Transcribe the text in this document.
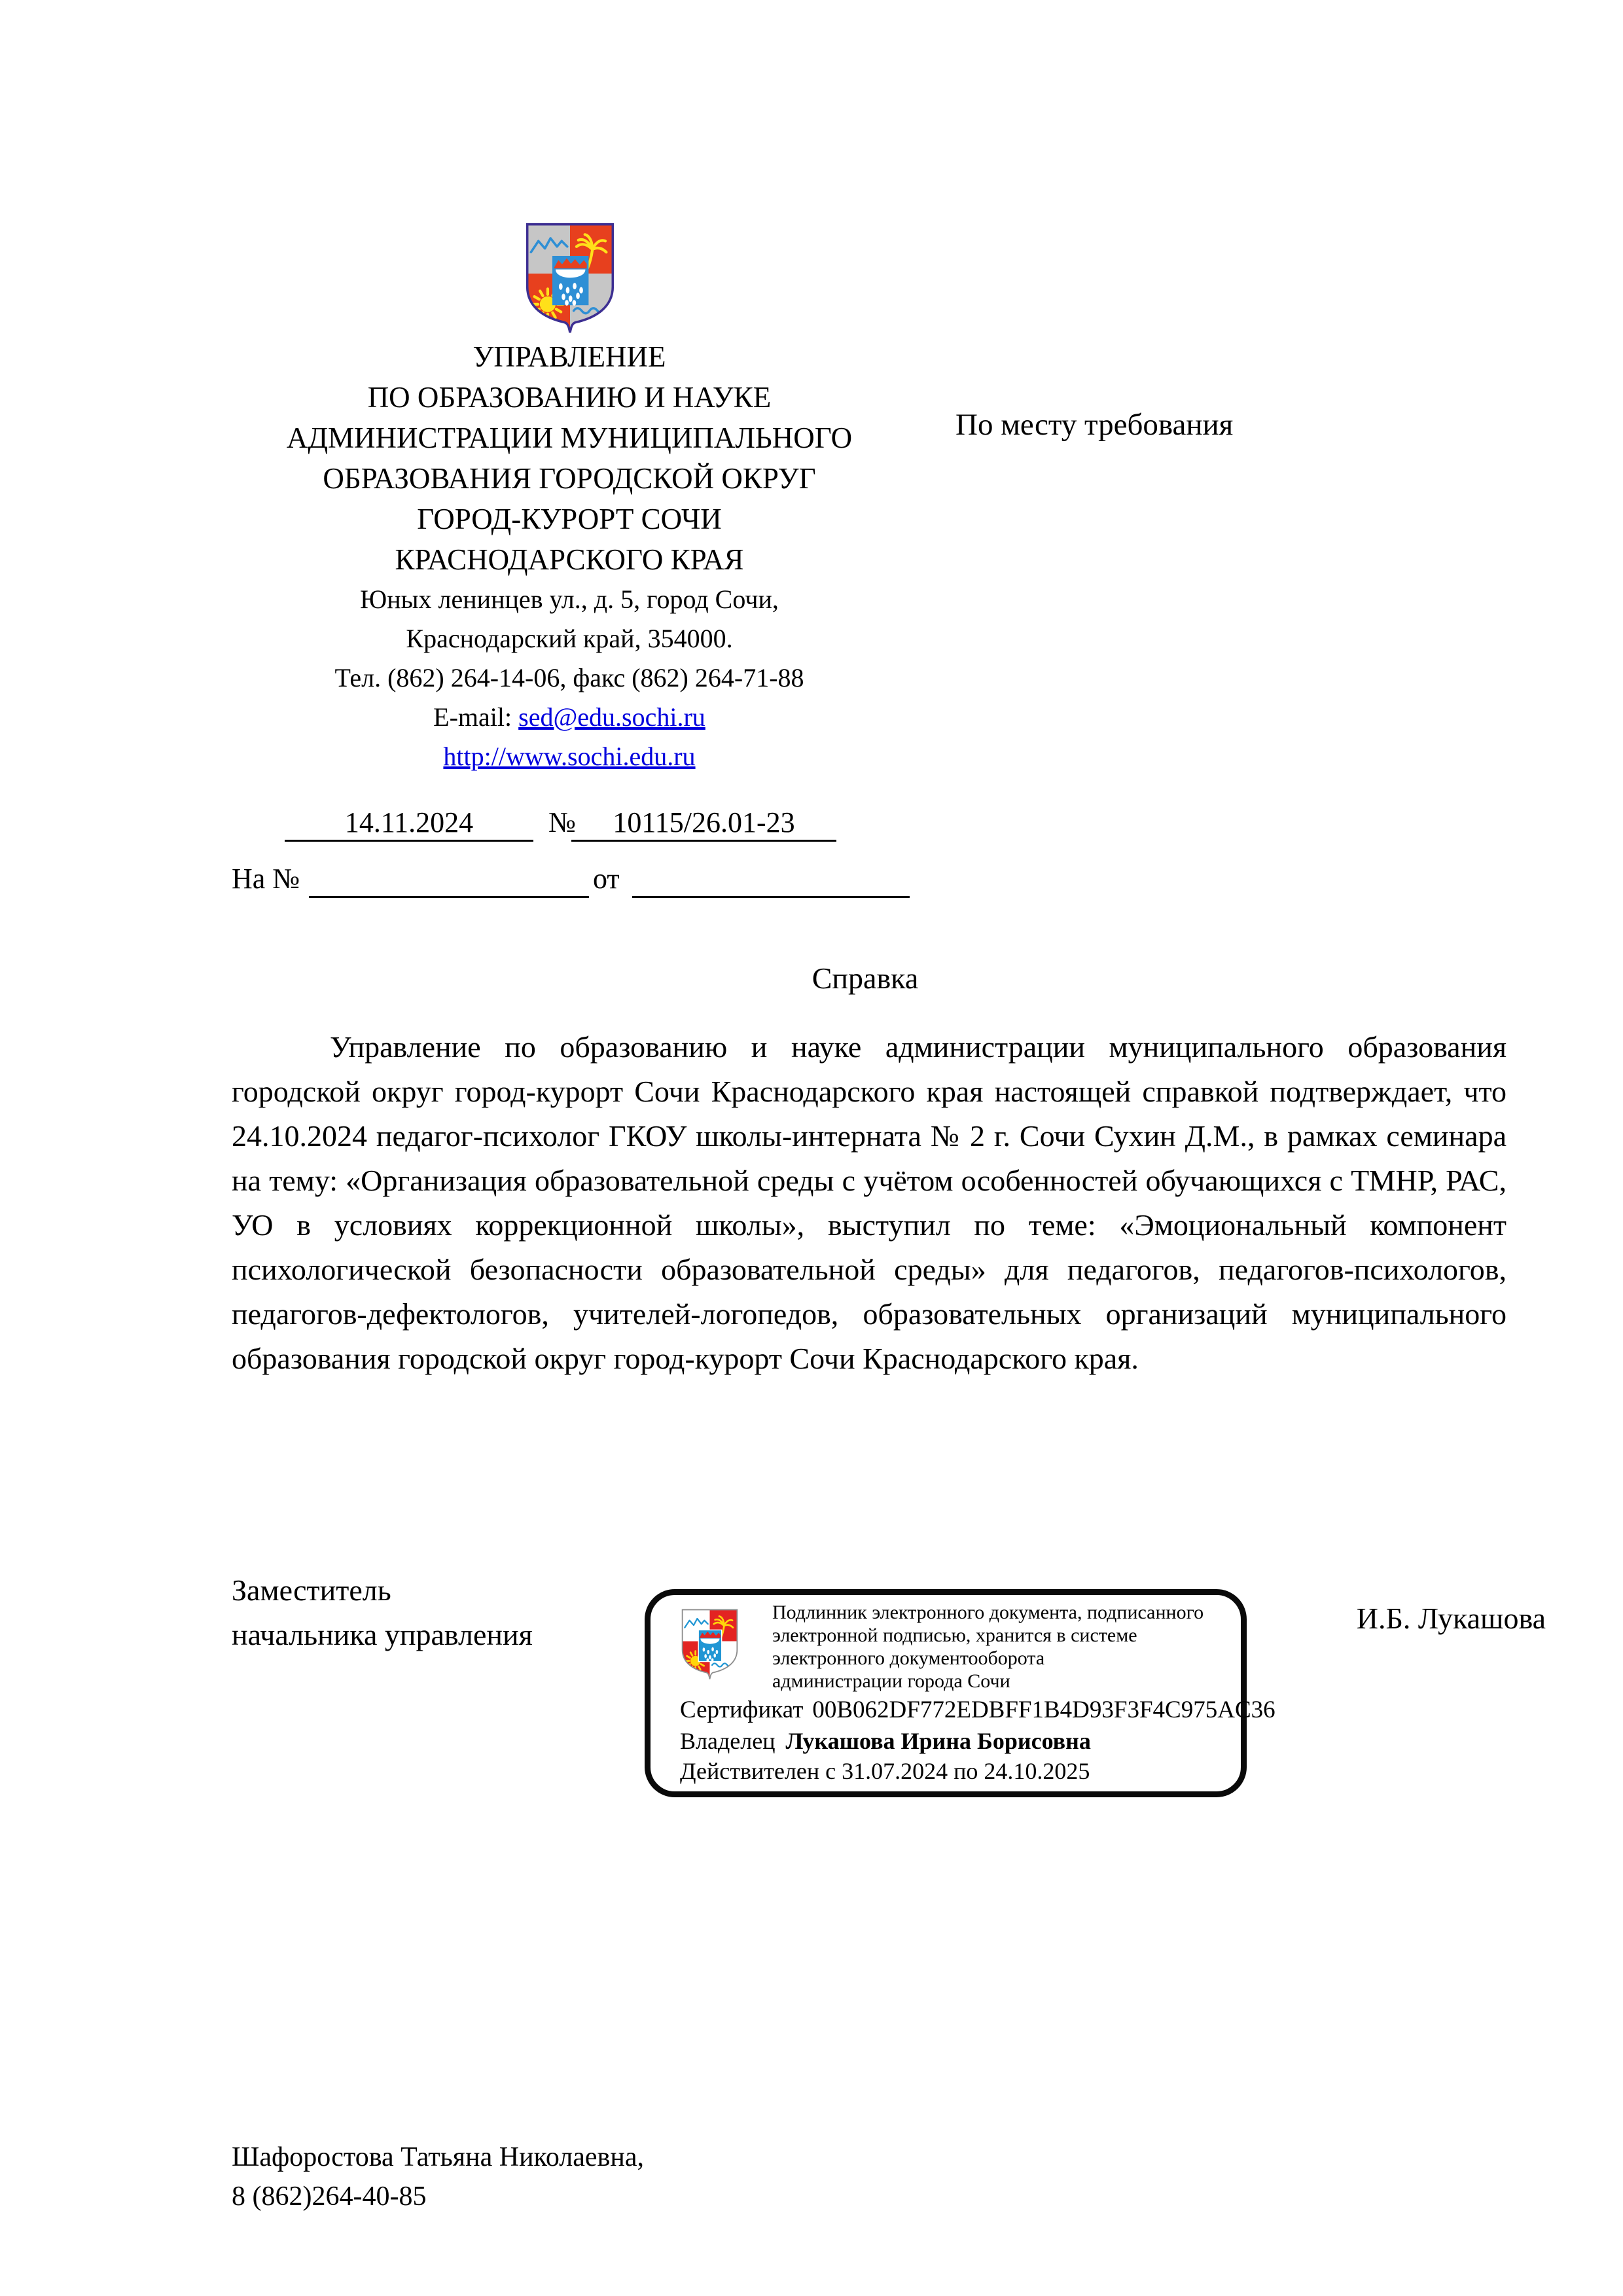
УПРАВЛЕНИЕ
ПО ОБРАЗОВАНИЮ И НАУКЕ
АДМИНИСТРАЦИИ МУНИЦИПАЛЬНОГО
ОБРАЗОВАНИЯ ГОРОДСКОЙ ОКРУГ
ГОРОД-КУРОРТ СОЧИ
КРАСНОДАРСКОГО КРАЯ
Юных ленинцев ул., д. 5, город Сочи,
Краснодарский край, 354000.
Тел. (862) 264-14-06, факс (862) 264-71-88
E-mail: sed@edu.sochi.ru
http://www.sochi.edu.ru
По месту требования
14.11.2024	№	10115/26.01-23
На №	от
Справка
Управление по образованию и науке администрации муниципального образования городской округ город-курорт Сочи Краснодарского края настоящей справкой подтверждает, что 24.10.2024 педагог-психолог ГКОУ школы-интерната № 2 г. Сочи Сухин Д.М., в рамках семинара на тему: «Организация образовательной среды с учётом особенностей обучающихся с ТМНР, РАС, УО в условиях коррекционной школы», выступил по теме: «Эмоциональный компонент психологической безопасности образовательной среды» для педагогов, педагогов-психологов, педагогов-дефектологов, учителей-логопедов, образовательных организаций муниципального образования городской округ город-курорт Сочи Краснодарского края.
Заместитель
начальника управления	И.Б. Лукашова
Подлинник электронного документа, подписанного
электронной подписью, хранится в системе
электронного документооборота
администрации города Сочи
Сертификат 00B062DF772EDBFF1B4D93F3F4C975AC36
Владелец Лукашова Ирина Борисовна
Действителен с 31.07.2024 по 24.10.2025
Шафоростова Татьяна Николаевна,
8 (862)264-40-85
